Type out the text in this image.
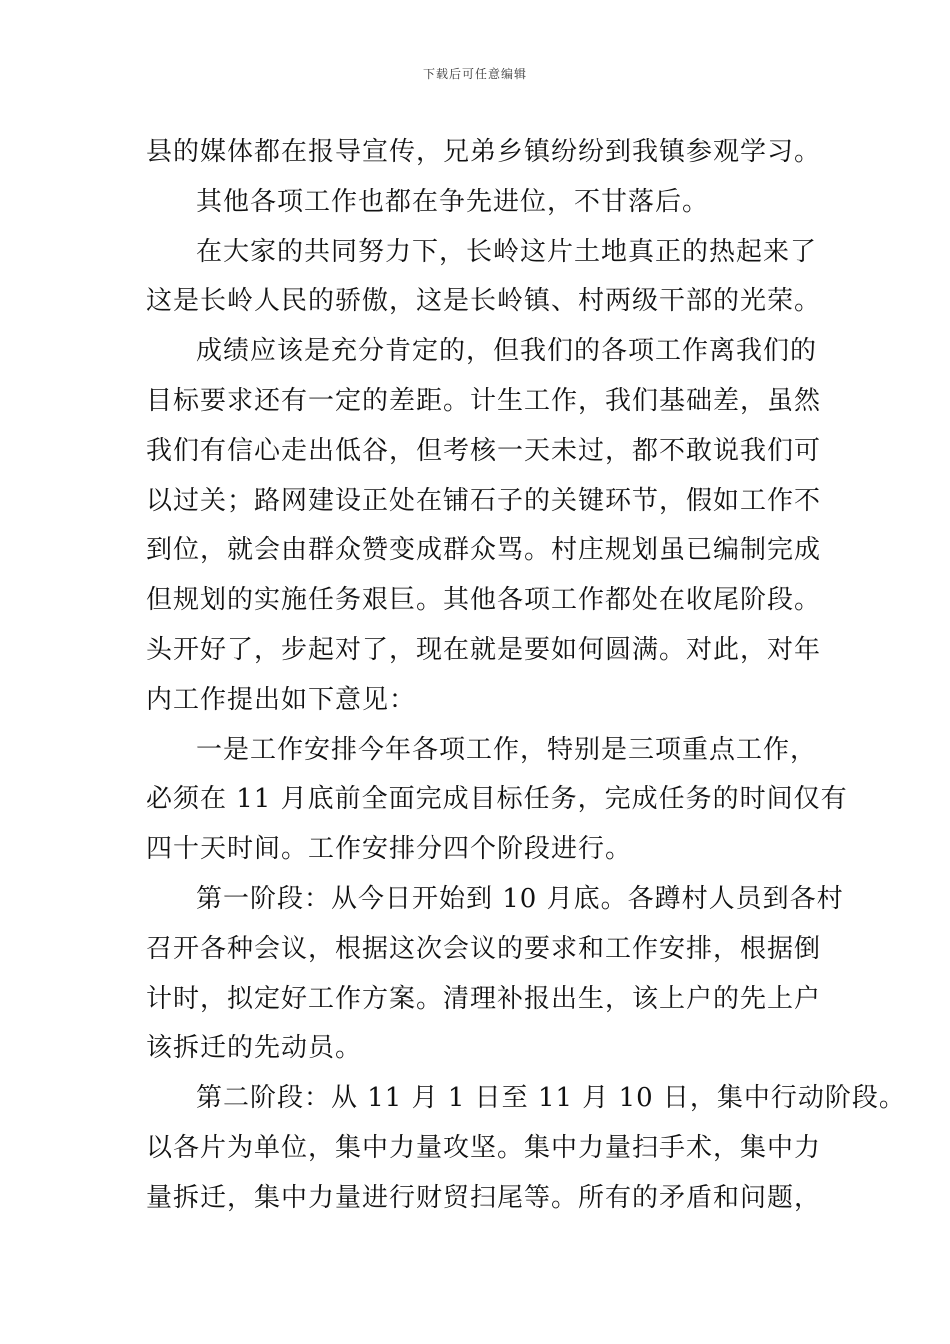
下载后可任意编辑
县的媒体都在报导宣传，兄弟乡镇纷纷到我镇参观学习。
其他各项工作也都在争先进位，不甘落后。
在大家的共同努力下，长岭这片土地真正的热起来了
这是长岭人民的骄傲，这是长岭镇、村两级干部的光荣。
成绩应该是充分肯定的，但我们的各项工作离我们的
目标要求还有一定的差距。计生工作，我们基础差，虽然
我们有信心走出低谷，但考核一天未过，都不敢说我们可
以过关；路网建设正处在铺石子的关键环节，假如工作不
到位，就会由群众赞变成群众骂。村庄规划虽已编制完成
但规划的实施任务艰巨。其他各项工作都处在收尾阶段。
头开好了，步起对了，现在就是要如何圆满。对此，对年
内工作提出如下意见：
一是工作安排今年各项工作，特别是三项重点工作，
必须在 11 月底前全面完成目标任务，完成任务的时间仅有
四十天时间。工作安排分四个阶段进行。
第一阶段：从今日开始到 10 月底。各蹲村人员到各村
召开各种会议，根据这次会议的要求和工作安排，根据倒
计时，拟定好工作方案。清理补报出生，该上户的先上户
该拆迁的先动员。
第二阶段：从 11 月 1 日至 11 月 10 日，集中行动阶段。
以各片为单位，集中力量攻坚。集中力量扫手术，集中力
量拆迁，集中力量进行财贸扫尾等。所有的矛盾和问题，
